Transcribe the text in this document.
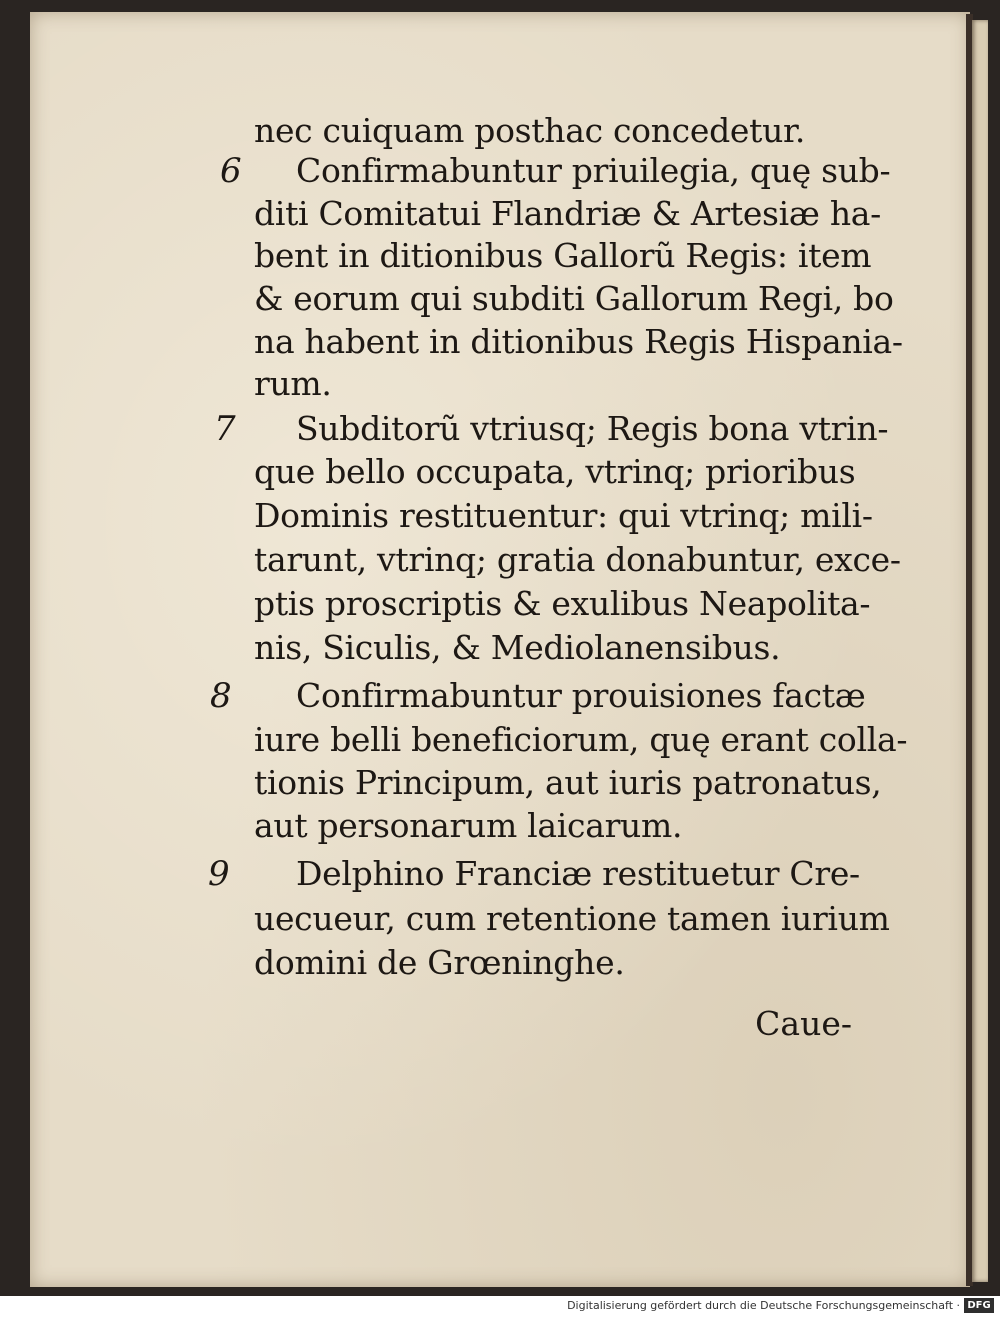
nec cuiquam posthac concedetur.
6 Confirmabuntur priuilegia, quę sub-
diti Comitatui Flandriæ & Artesiæ ha-
bent in ditionibus Gallorũ Regis: item
& eorum qui subditi Gallorum Regi, bo
na habent in ditionibus Regis Hispania-
rum.
7 Subditorũ vtriusq; Regis bona vtrin-
que bello occupata, vtrinq; prioribus
Dominis restituentur: qui vtrinq; mili-
tarunt, vtrinq; gratia donabuntur, exce-
ptis proscriptis & exulibus Neapolita-
nis, Siculis, & Mediolanensibus.
8 Confirmabuntur prouisiones factæ
iure belli beneficiorum, quę erant colla-
tionis Principum, aut iuris patronatus,
aut personarum laicarum.
9 Delphino Franciæ restituetur Cre-
uecueur, cum retentione tamen iurium
domini de Grœninghe.
Caue-
Digitalisierung gefördert durch die Deutsche Forschungsgemeinschaft · DFG
